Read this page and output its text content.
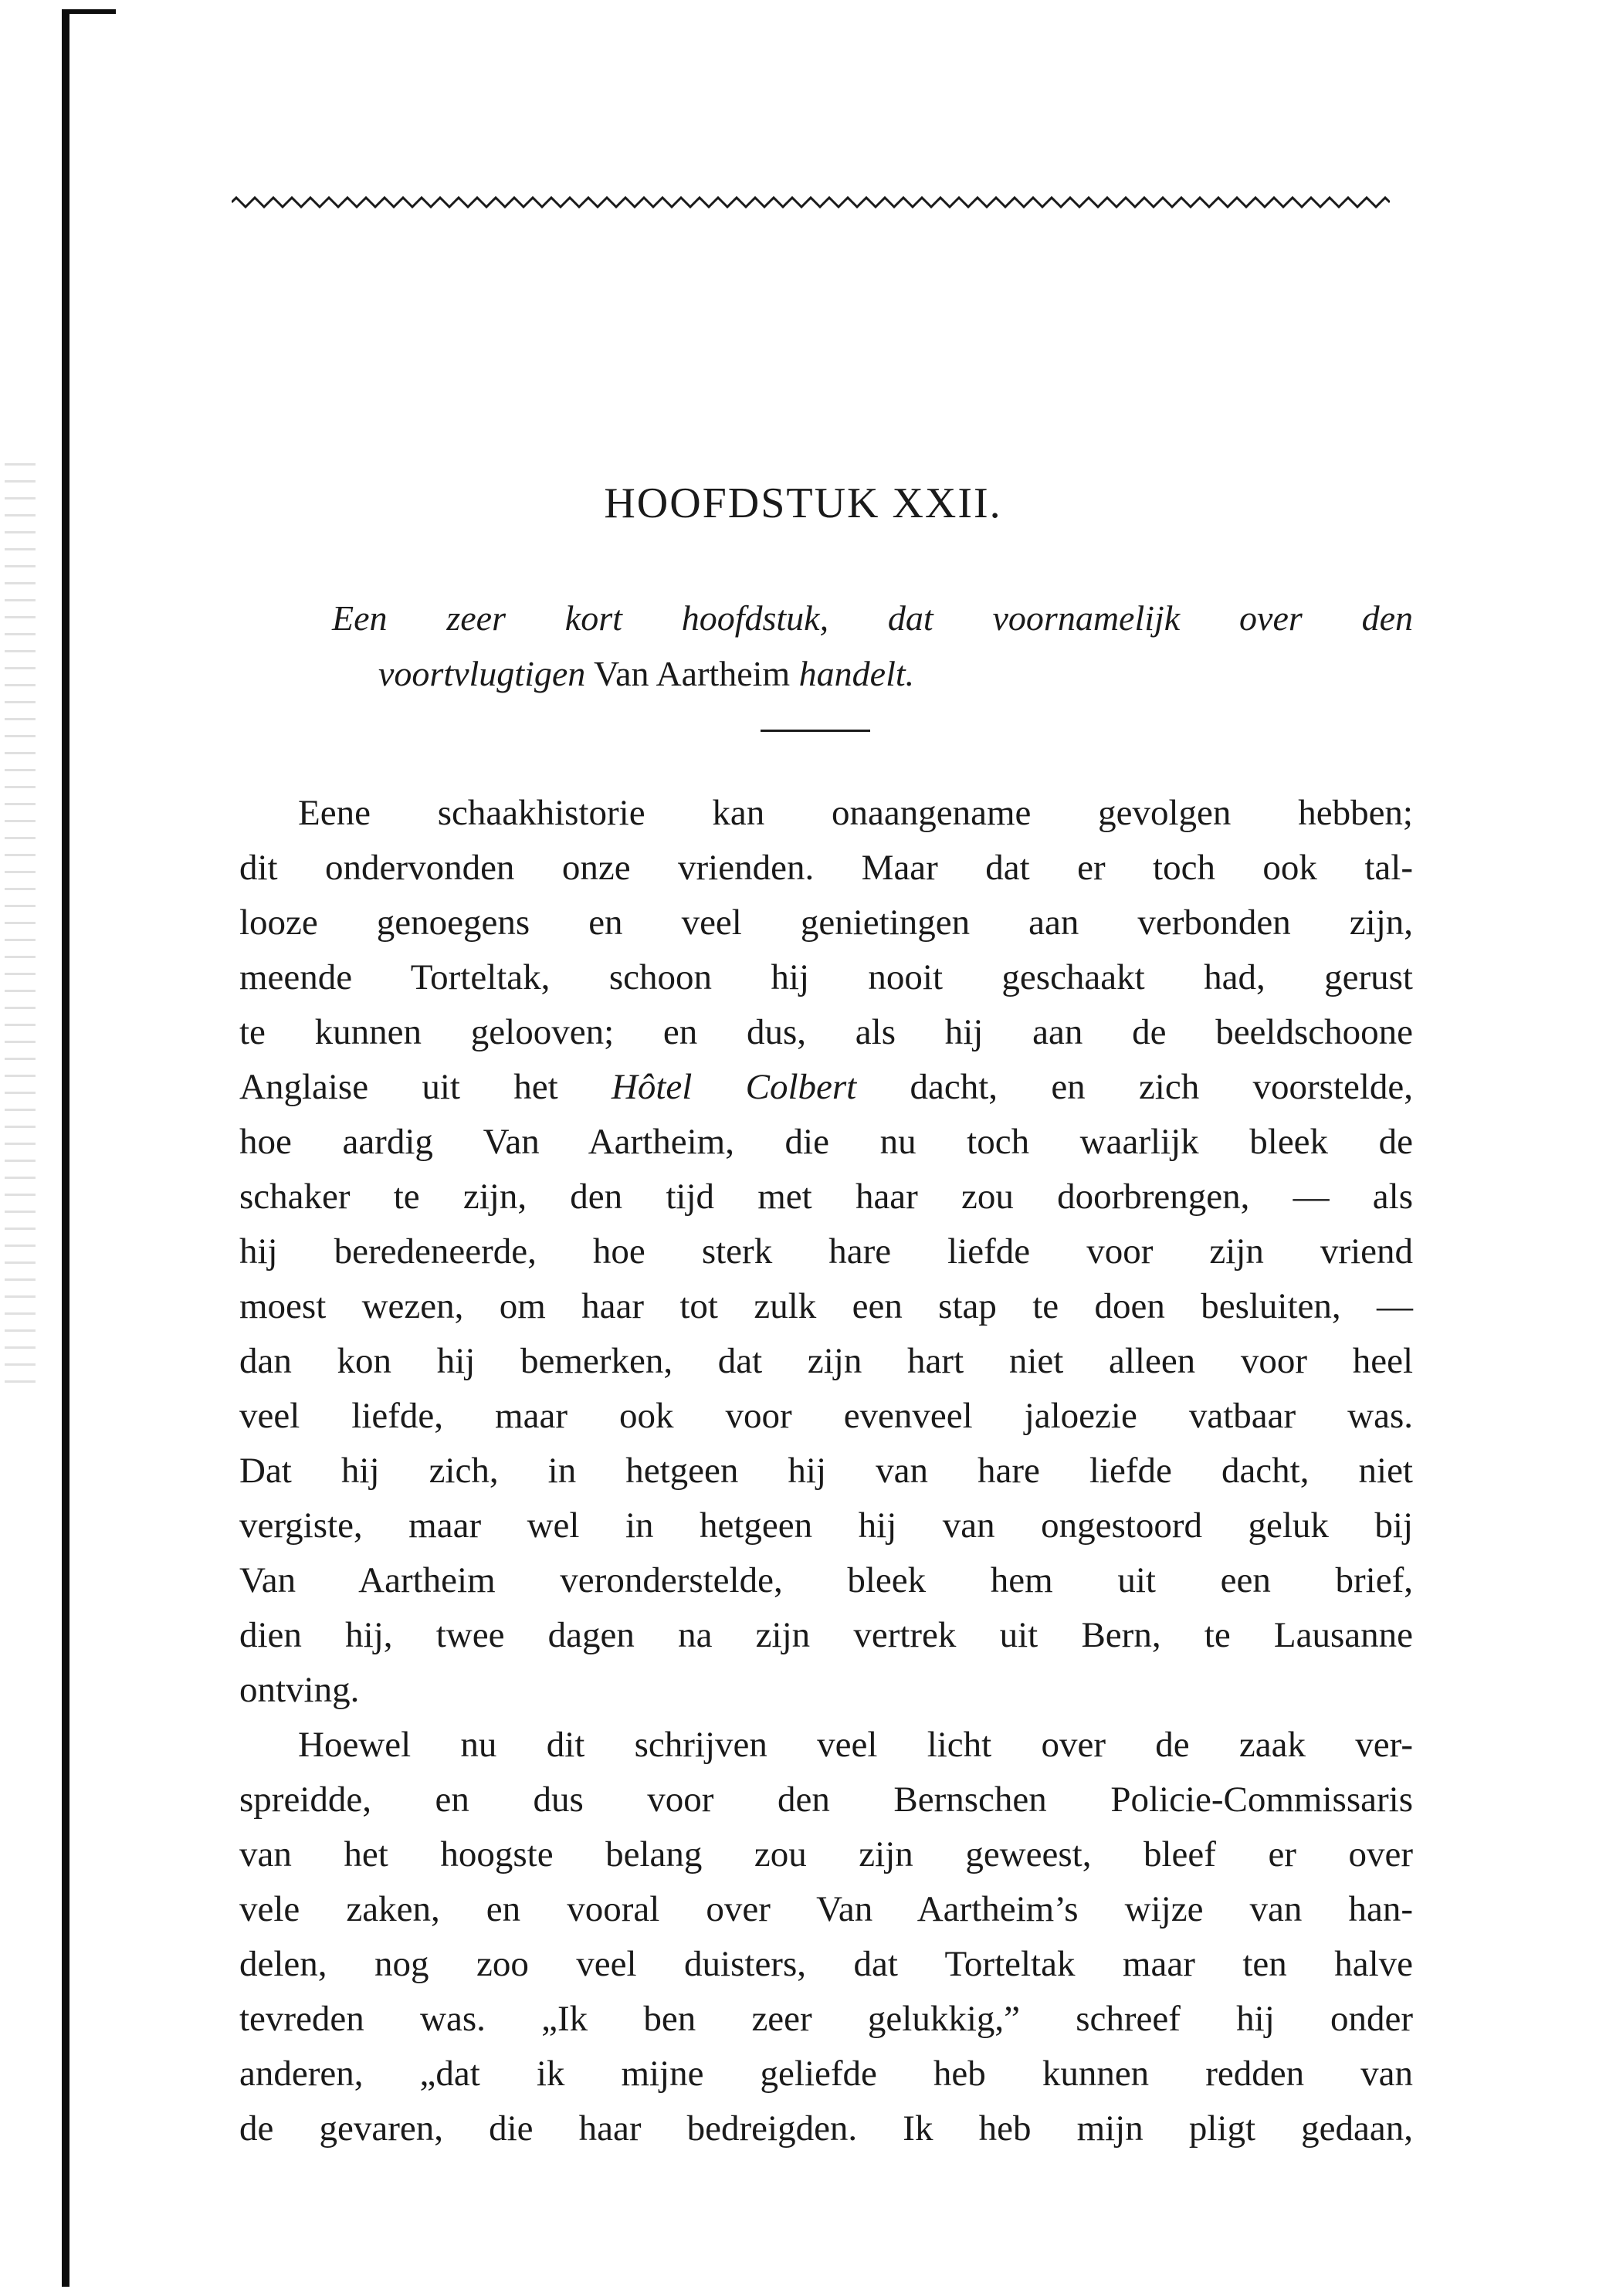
HOOFDSTUK XXII.
Een zeer kort hoofdstuk, dat voornamelijk over den
voortvlugtigen Van Aartheim handelt.
Eene schaakhistorie kan onaangename gevolgen hebben;
dit ondervonden onze vrienden. Maar dat er toch ook tal-
looze genoegens en veel genietingen aan verbonden zijn,
meende Torteltak, schoon hij nooit geschaakt had, gerust
te kunnen gelooven; en dus, als hij aan de beeldschoone
Anglaise uit het Hôtel Colbert dacht, en zich voorstelde,
hoe aardig Van Aartheim, die nu toch waarlijk bleek de
schaker te zijn, den tijd met haar zou doorbrengen, — als
hij beredeneerde, hoe sterk hare liefde voor zijn vriend
moest wezen, om haar tot zulk een stap te doen besluiten, —
dan kon hij bemerken, dat zijn hart niet alleen voor heel
veel liefde, maar ook voor evenveel jaloezie vatbaar was.
Dat hij zich, in hetgeen hij van hare liefde dacht, niet
vergiste, maar wel in hetgeen hij van ongestoord geluk bij
Van Aartheim veronderstelde, bleek hem uit een brief,
dien hij, twee dagen na zijn vertrek uit Bern, te Lausanne
ontving.
Hoewel nu dit schrijven veel licht over de zaak ver-
spreidde, en dus voor den Bernschen Policie-Commissaris
van het hoogste belang zou zijn geweest, bleef er over
vele zaken, en vooral over Van Aartheim’s wijze van han-
delen, nog zoo veel duisters, dat Torteltak maar ten halve
tevreden was. „Ik ben zeer gelukkig,” schreef hij onder
anderen, „dat ik mijne geliefde heb kunnen redden van
de gevaren, die haar bedreigden. Ik heb mijn pligt gedaan,
